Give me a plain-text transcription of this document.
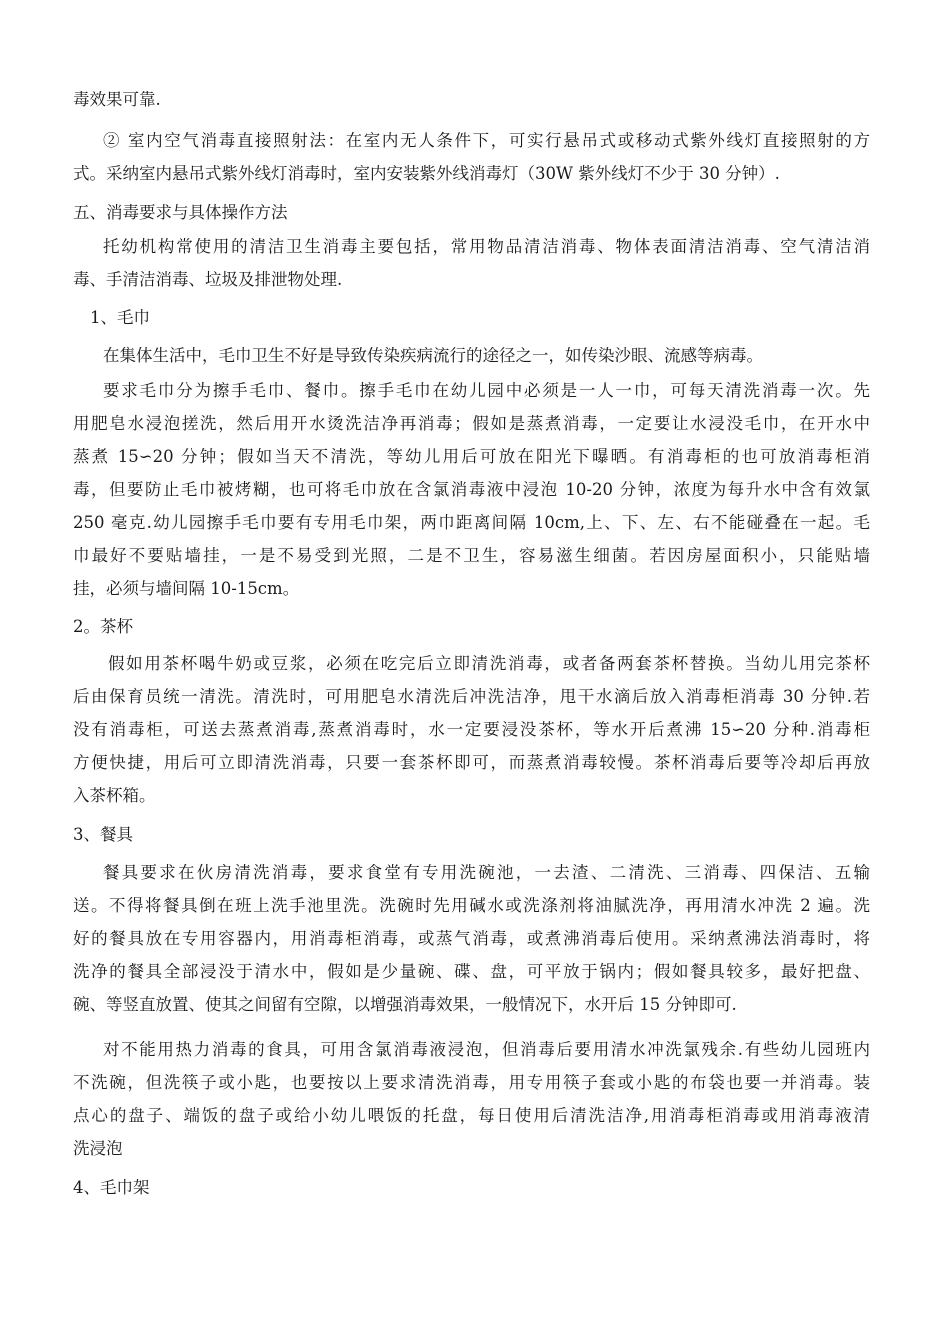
毒效果可靠.
② 室内空气消毒直接照射法：在室内无人条件下，可实行悬吊式或移动式紫外线灯直接照射的方
式。采纳室内悬吊式紫外线灯消毒时，室内安装紫外线消毒灯（30W 紫外线灯不少于 30 分钟）.
五、消毒要求与具体操作方法
托幼机构常使用的清洁卫生消毒主要包括，常用物品清洁消毒、物体表面清洁消毒、空气清洁消
毒、手清洁消毒、垃圾及排泄物处理.
1、毛巾
在集体生活中，毛巾卫生不好是导致传染疾病流行的途径之一，如传染沙眼、流感等病毒。
要求毛巾分为擦手毛巾、餐巾。擦手毛巾在幼儿园中必须是一人一巾，可每天清洗消毒一次。先
用肥皂水浸泡搓洗，然后用开水烫洗洁净再消毒；假如是蒸煮消毒，一定要让水浸没毛巾，在开水中
蒸煮 15∽20 分钟；假如当天不清洗，等幼儿用后可放在阳光下曝晒。有消毒柜的也可放消毒柜消
毒，但要防止毛巾被烤糊，也可将毛巾放在含氯消毒液中浸泡 10-20 分钟，浓度为每升水中含有效氯
250 毫克.幼儿园擦手毛巾要有专用毛巾架，两巾距离间隔 10cm,上、下、左、右不能碰叠在一起。毛
巾最好不要贴墙挂，一是不易受到光照，二是不卫生，容易滋生细菌。若因房屋面积小，只能贴墙
挂，必须与墙间隔 10-15cm。
2。茶杯
假如用茶杯喝牛奶或豆浆，必须在吃完后立即清洗消毒，或者备两套茶杯替换。当幼儿用完茶杯
后由保育员统一清洗。清洗时，可用肥皂水清洗后冲洗洁净，甩干水滴后放入消毒柜消毒 30 分钟.若
没有消毒柜，可送去蒸煮消毒,蒸煮消毒时，水一定要浸没茶杯，等水开后煮沸 15∽20 分种.消毒柜
方便快捷，用后可立即清洗消毒，只要一套茶杯即可，而蒸煮消毒较慢。茶杯消毒后要等冷却后再放
入茶杯箱。
3、餐具
餐具要求在伙房清洗消毒，要求食堂有专用洗碗池，一去渣、二清洗、三消毒、四保洁、五输
送。不得将餐具倒在班上洗手池里洗。洗碗时先用碱水或洗涤剂将油腻洗净，再用清水冲洗 2 遍。洗
好的餐具放在专用容器内，用消毒柜消毒，或蒸气消毒，或煮沸消毒后使用。采纳煮沸法消毒时，将
洗净的餐具全部浸没于清水中，假如是少量碗、碟、盘，可平放于锅内；假如餐具较多，最好把盘、
碗、等竖直放置、使其之间留有空隙，以增强消毒效果，一般情况下，水开后 15 分钟即可.
对不能用热力消毒的食具，可用含氯消毒液浸泡，但消毒后要用清水冲洗氯残余.有些幼儿园班内
不洗碗，但洗筷子或小匙，也要按以上要求清洗消毒，用专用筷子套或小匙的布袋也要一并消毒。装
点心的盘子、端饭的盘子或给小幼儿喂饭的托盘，每日使用后清洗洁净,用消毒柜消毒或用消毒液清
洗浸泡
4、毛巾架
